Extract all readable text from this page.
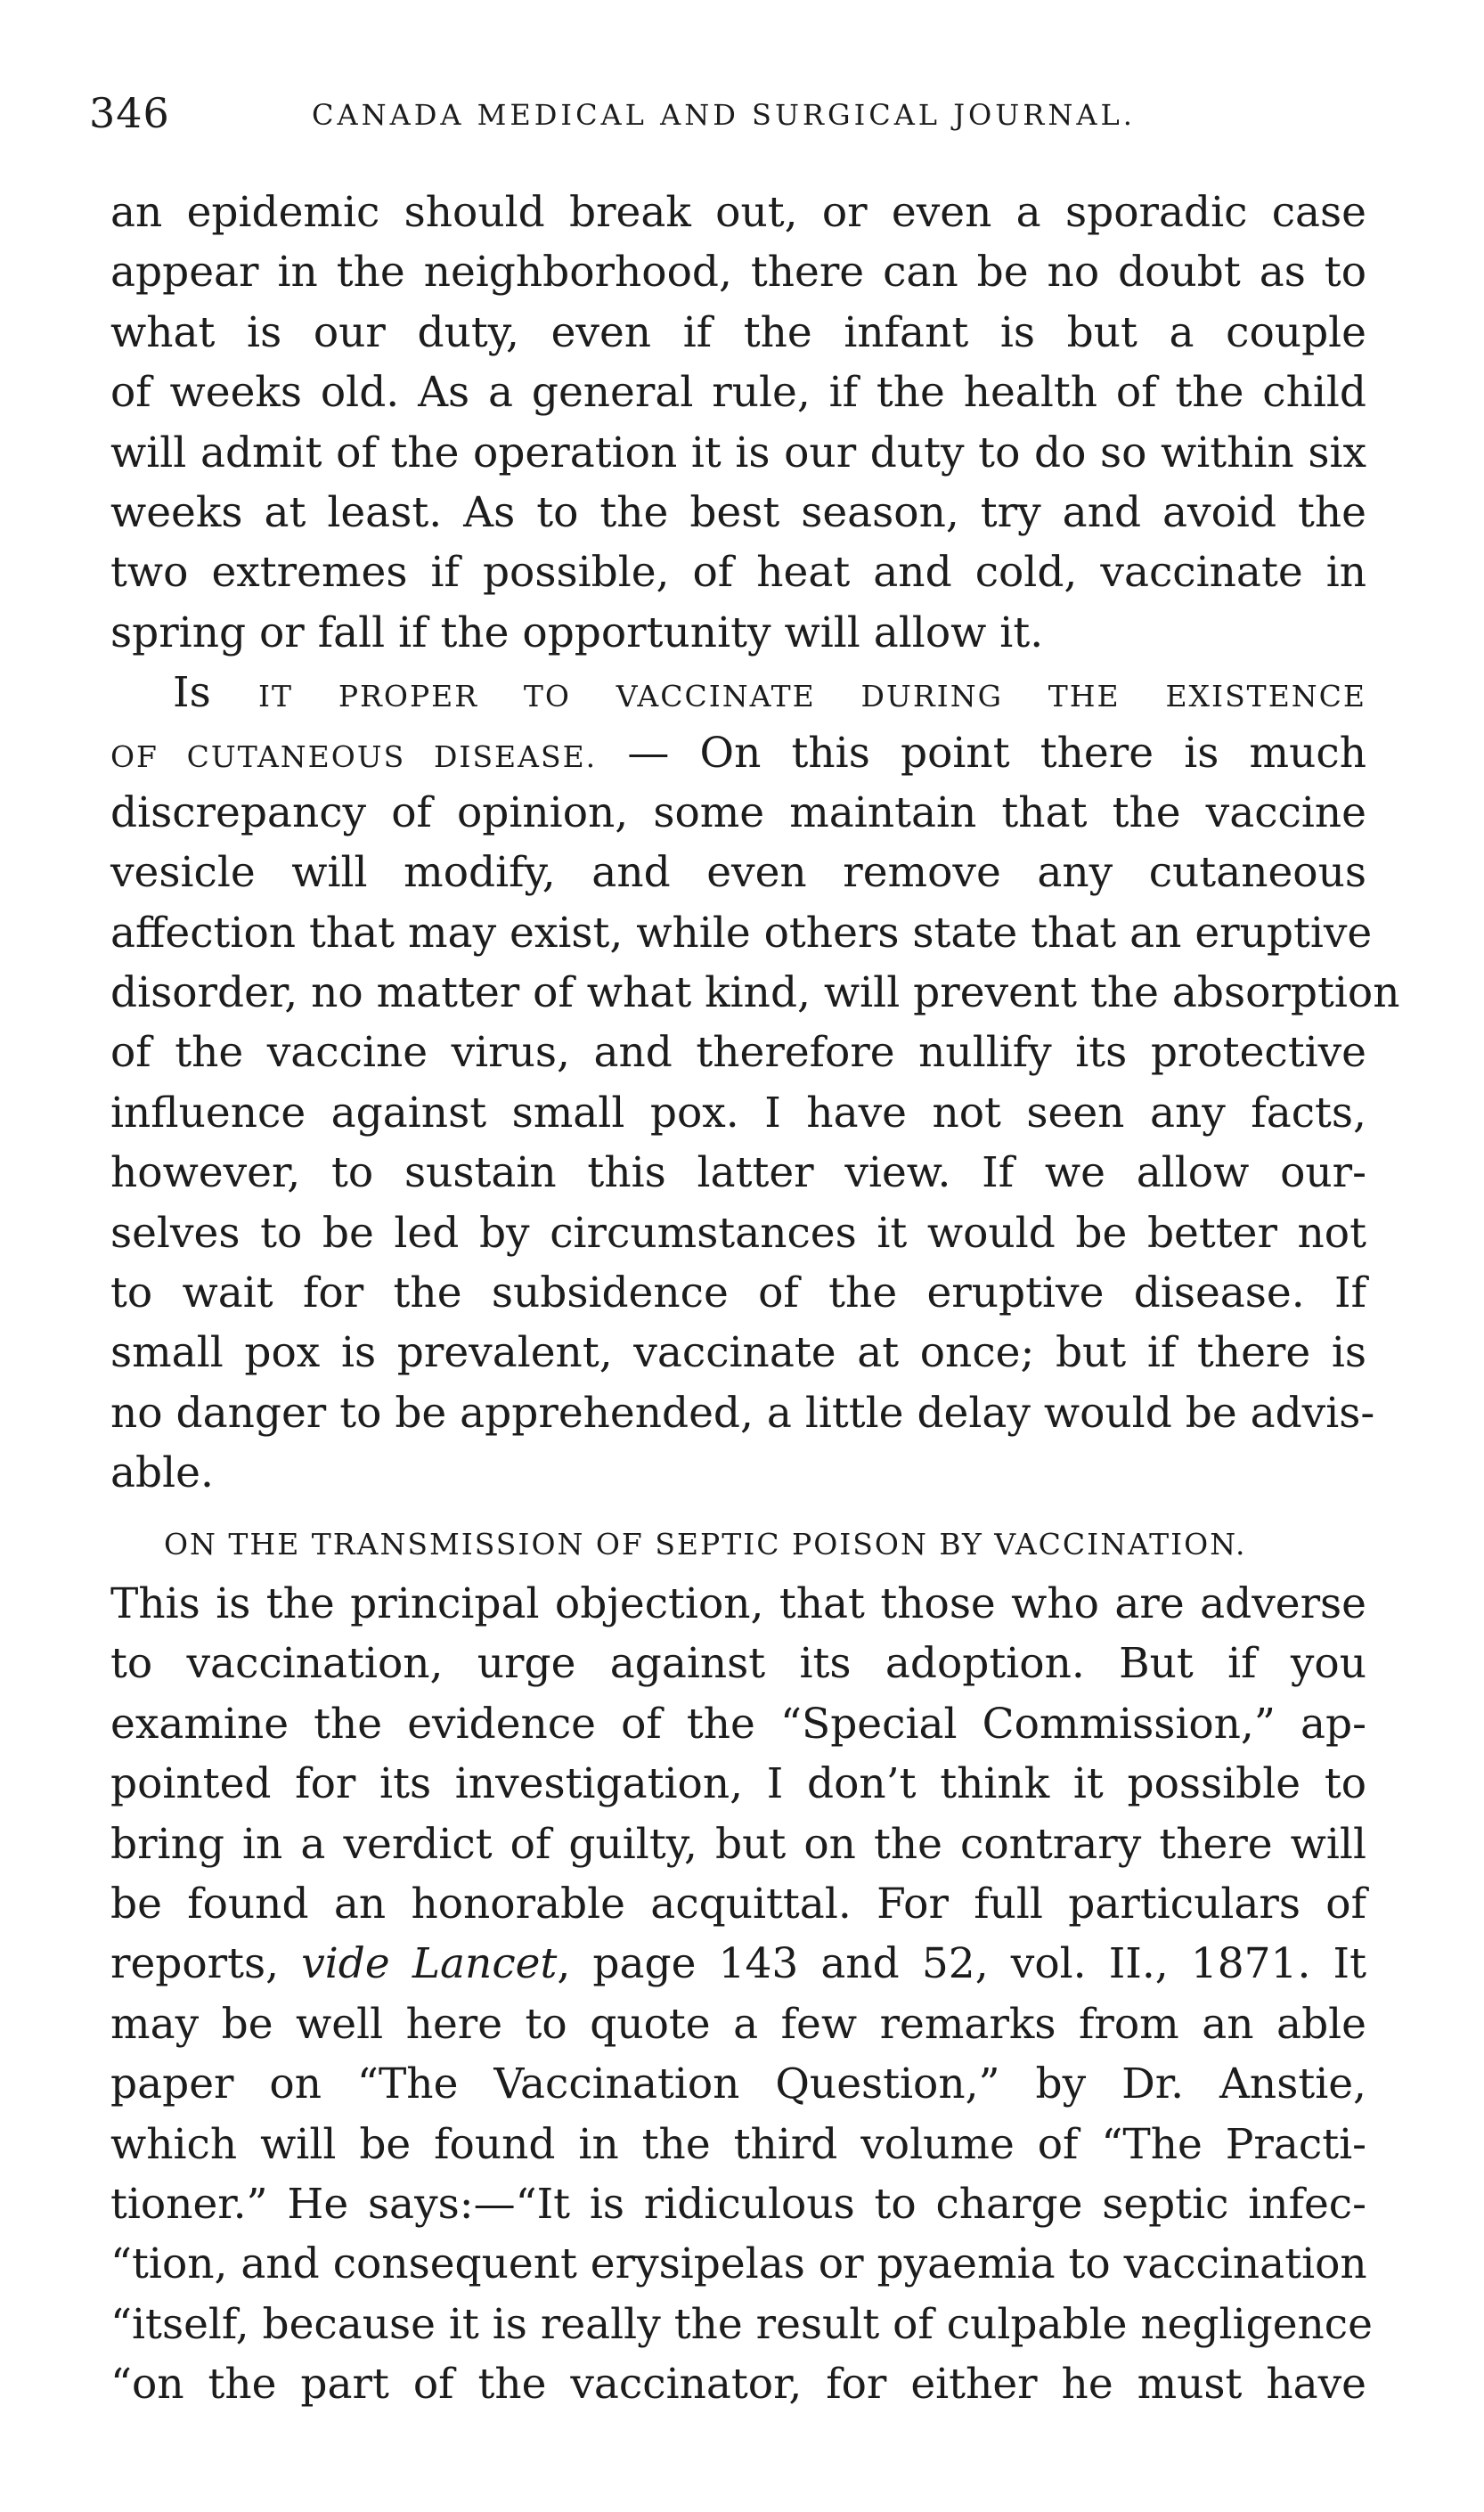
346	CANADA MEDICAL AND SURGICAL JOURNAL.
an epidemic should break out, or even a sporadic case
appear in the neighborhood, there can be no doubt as to
what is our duty, even if the infant is but a couple
of weeks old. As a general rule, if the health of the child
will admit of the operation it is our duty to do so within six
weeks at least. As to the best season, try and avoid the
two extremes if possible, of heat and cold, vaccinate in
spring or fall if the opportunity will allow it.
Is IT PROPER TO VACCINATE DURING THE EXISTENCE
OF CUTANEOUS DISEASE. — On this point there is much
discrepancy of opinion, some maintain that the vaccine
vesicle will modify, and even remove any cutaneous
affection that may exist, while others state that an eruptive
disorder, no matter of what kind, will prevent the absorption
of the vaccine virus, and therefore nullify its protective
influence against small pox. I have not seen any facts,
however, to sustain this latter view. If we allow our-
selves to be led by circumstances it would be better not
to wait for the subsidence of the eruptive disease. If
small pox is prevalent, vaccinate at once; but if there is
no danger to be apprehended, a little delay would be advis-
able.
ON THE TRANSMISSION OF SEPTIC POISON BY VACCINATION.
This is the principal objection, that those who are adverse
to vaccination, urge against its adoption. But if you
examine the evidence of the “Special Commission,” ap-
pointed for its investigation, I don’t think it possible to
bring in a verdict of guilty, but on the contrary there will
be found an honorable acquittal. For full particulars of
reports, vide Lancet, page 143 and 52, vol. II., 1871. It
may be well here to quote a few remarks from an able
paper on “The Vaccination Question,” by Dr. Anstie,
which will be found in the third volume of “The Practi-
tioner.” He says:—“It is ridiculous to charge septic infec-
“tion, and consequent erysipelas or pyaemia to vaccination
“itself, because it is really the result of culpable negligence
“on the part of the vaccinator, for either he must have
